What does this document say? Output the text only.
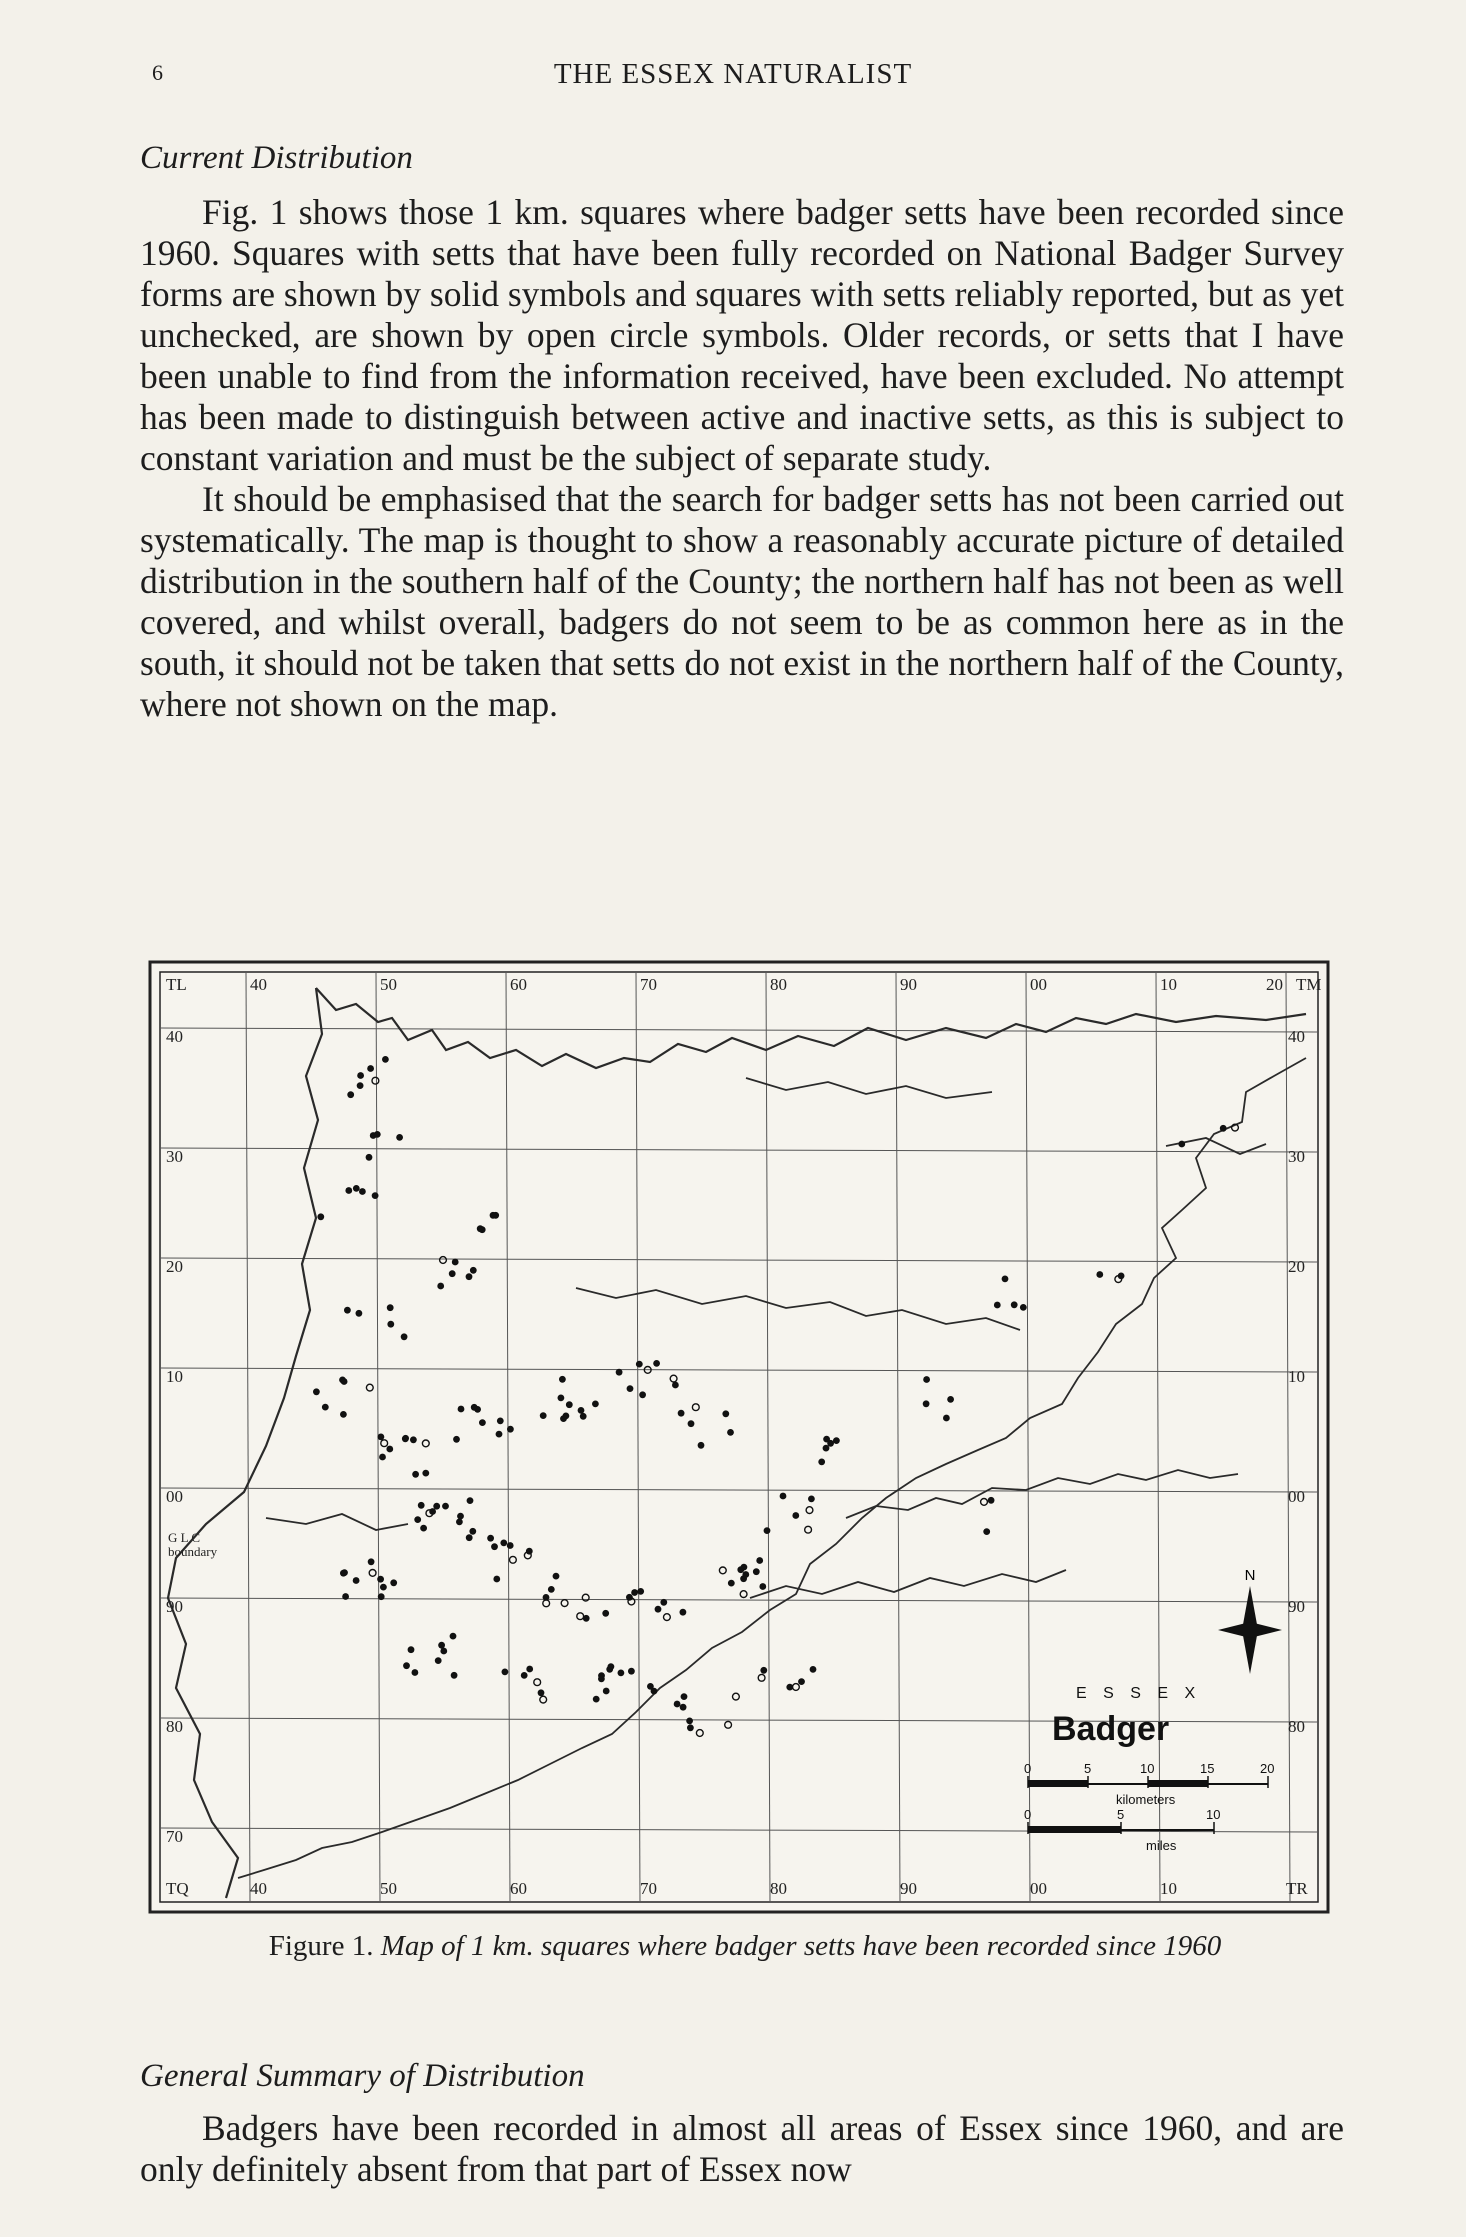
6	THE ESSEX NATURALIST
Current Distribution

Fig. 1 shows those 1 km. squares where badger setts have been recorded since 1960. Squares with setts that have been fully recorded on National Badger Survey forms are shown by solid symbols and squares with setts reliably reported, but as yet unchecked, are shown by open circle symbols. Older records, or setts that I have been unable to find from the information received, have been excluded. No attempt has been made to distinguish between active and inactive setts, as this is subject to constant variation and must be the subject of separate study.

It should be emphasised that the search for badger setts has not been carried out systematically. The map is thought to show a reasonably accurate picture of detailed distribution in the southern half of the County; the northern half has not been as well covered, and whilst overall, badgers do not seem to be as common here as in the south, it should not be taken that setts do not exist in the northern half of the County, where not shown on the map.

TL	40	50	60	70	80	90	00	10	20 TM
TQ	40	50	60	70	80	90	00	10	TR
40
30
20
10
00
90
80
70
40
30
20
10
00
90
80
G L C
boundary
N
E S S E X
Badger
0	5	10	15	20
kilometers
0	5	10
miles
Figure 1. Map of 1 km. squares where badger setts have been recorded since 1960
General Summary of Distribution

Badgers have been recorded in almost all areas of Essex since 1960, and are only definitely absent from that part of Essex now
